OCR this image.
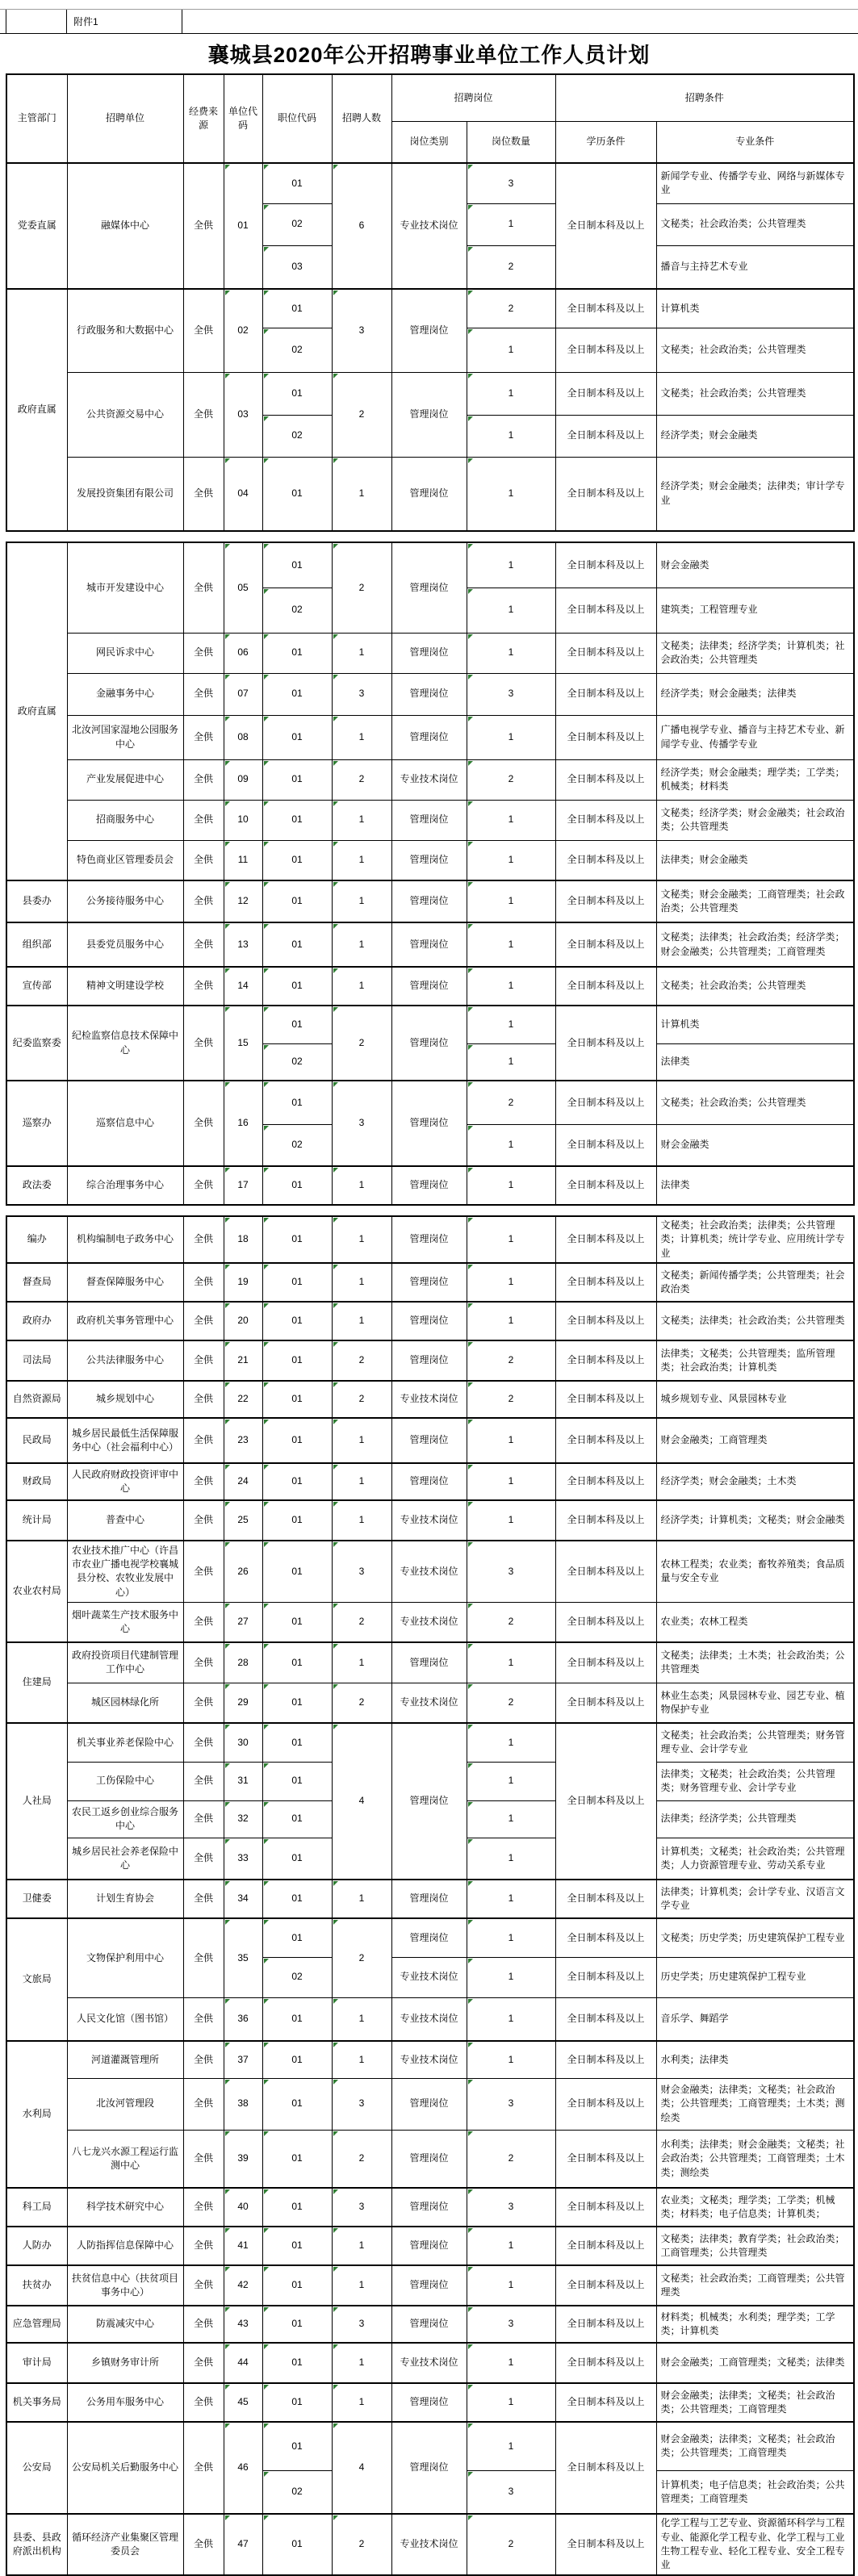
附件1
襄城县2020年公开招聘事业单位工作人员计划
主管部门	招聘单位	经费来源	单位代码	职位代码	招聘人数	招聘岗位		招聘条件	
						岗位类别	岗位数量	学历条件	专业条件
党委直属	融媒体中心	全供	01	01	6	专业技术岗位	3	全日制本科及以上	新闻学专业、传播学专业、网络与新媒体专业
				02			1		文秘类；社会政治类；公共管理类
				03			2		播音与主持艺术专业
政府直属	行政服务和大数据中心	全供	02	01	3	管理岗位	2	全日制本科及以上	计算机类
				02			1	全日制本科及以上	文秘类；社会政治类；公共管理类
	公共资源交易中心	全供	03	01	2	管理岗位	1	全日制本科及以上	文秘类；社会政治类；公共管理类
				02			1	全日制本科及以上	经济学类；财会金融类
	发展投资集团有限公司	全供	04	01	1	管理岗位	1	全日制本科及以上	经济学类；财会金融类；法律类；审计学专业
政府直属	城市开发建设中心	全供	05	01	2	管理岗位	1	全日制本科及以上	财会金融类
				02			1	全日制本科及以上	建筑类；工程管理专业
	网民诉求中心	全供	06	01	1	管理岗位	1	全日制本科及以上	文秘类；法律类；经济学类；计算机类；社会政治类；公共管理类
	金融事务中心	全供	07	01	3	管理岗位	3	全日制本科及以上	经济学类；财会金融类；法律类
	北汝河国家湿地公园服务中心	全供	08	01	1	管理岗位	1	全日制本科及以上	广播电视学专业、播音与主持艺术专业、新闻学专业、传播学专业
	产业发展促进中心	全供	09	01	2	专业技术岗位	2	全日制本科及以上	经济学类；财会金融类；理学类；工学类；机械类；材料类
	招商服务中心	全供	10	01	1	管理岗位	1	全日制本科及以上	文秘类；经济学类；财会金融类；社会政治类；公共管理类
	特色商业区管理委员会	全供	11	01	1	管理岗位	1	全日制本科及以上	法律类；财会金融类
县委办	公务接待服务中心	全供	12	01	1	管理岗位	1	全日制本科及以上	文秘类；财会金融类；工商管理类；社会政治类；公共管理类
组织部	县委党员服务中心	全供	13	01	1	管理岗位	1	全日制本科及以上	文秘类；法律类；社会政治类；经济学类；财会金融类；公共管理类；工商管理类
宣传部	精神文明建设学校	全供	14	01	1	管理岗位	1	全日制本科及以上	文秘类；社会政治类；公共管理类
纪委监察委	纪检监察信息技术保障中心	全供	15	01	2	管理岗位	1	全日制本科及以上	计算机类
				02			1		法律类
巡察办	巡察信息中心	全供	16	01	3	管理岗位	2	全日制本科及以上	文秘类；社会政治类；公共管理类
				02			1	全日制本科及以上	财会金融类
政法委	综合治理事务中心	全供	17	01	1	管理岗位	1	全日制本科及以上	法律类
编办	机构编制电子政务中心	全供	18	01	1	管理岗位	1	全日制本科及以上	文秘类；社会政治类；法律类；公共管理类；计算机类；统计学专业、应用统计学专业
督查局	督查保障服务中心	全供	19	01	1	管理岗位	1	全日制本科及以上	文秘类；新闻传播学类；公共管理类；社会政治类
政府办	政府机关事务管理中心	全供	20	01	1	管理岗位	1	全日制本科及以上	文秘类；法律类；社会政治类；公共管理类
司法局	公共法律服务中心	全供	21	01	2	管理岗位	2	全日制本科及以上	法律类；文秘类；公共管理类；监所管理类；社会政治类；计算机类
自然资源局	城乡规划中心	全供	22	01	2	专业技术岗位	2	全日制本科及以上	城乡规划专业、风景园林专业
民政局	城乡居民最低生活保障服务中心（社会福利中心）	全供	23	01	1	管理岗位	1	全日制本科及以上	财会金融类；工商管理类
财政局	人民政府财政投资评审中心	全供	24	01	1	管理岗位	1	全日制本科及以上	经济学类；财会金融类；土木类
统计局	普查中心	全供	25	01	1	专业技术岗位	1	全日制本科及以上	经济学类；计算机类；文秘类；财会金融类
农业农村局	农业技术推广中心（许昌市农业广播电视学校襄城县分校、农牧业发展中心）	全供	26	01	3	专业技术岗位	3	全日制本科及以上	农林工程类；农业类；畜牧养殖类；食品质量与安全专业
	烟叶蔬菜生产技术服务中心	全供	27	01	2	专业技术岗位	2	全日制本科及以上	农业类；农林工程类
住建局	政府投资项目代建制管理工作中心	全供	28	01	1	管理岗位	1	全日制本科及以上	文秘类；法律类；土木类；社会政治类；公共管理类
	城区园林绿化所	全供	29	01	2	专业技术岗位	2	全日制本科及以上	林业生态类；风景园林专业、园艺专业、植物保护专业
人社局	机关事业养老保险中心	全供	30	01	4	管理岗位	1	全日制本科及以上	文秘类；社会政治类；公共管理类；财务管理专业、会计学专业
	工伤保险中心	全供	31	01			1		法律类；文秘类；社会政治类；公共管理类；财务管理专业、会计学专业
	农民工返乡创业综合服务中心	全供	32	01			1		法律类；经济学类；公共管理类
	城乡居民社会养老保险中心	全供	33	01			1		计算机类；文秘类；社会政治类；公共管理类；人力资源管理专业、劳动关系专业
卫健委	计划生育协会	全供	34	01	1	管理岗位	1	全日制本科及以上	法律类；计算机类；会计学专业、汉语言文学专业
文旅局	文物保护利用中心	全供	35	01	2	管理岗位	1	全日制本科及以上	文秘类；历史学类；历史建筑保护工程专业
				02		专业技术岗位	1	全日制本科及以上	历史学类；历史建筑保护工程专业
	人民文化馆（图书馆）	全供	36	01	1	专业技术岗位	1	全日制本科及以上	音乐学、舞蹈学
水利局	河道灌溉管理所	全供	37	01	1	专业技术岗位	1	全日制本科及以上	水利类；法律类
	北汝河管理段	全供	38	01	3	管理岗位	3	全日制本科及以上	财会金融类；法律类；文秘类；社会政治类；公共管理类；工商管理类；土木类；测绘类
	八七龙兴水源工程运行监测中心	全供	39	01	2	管理岗位	2	全日制本科及以上	水利类；法律类；财会金融类；文秘类；社会政治类；公共管理类；工商管理类；土木类；测绘类
科工局	科学技术研究中心	全供	40	01	3	管理岗位	3	全日制本科及以上	农业类；文秘类；理学类；工学类；机械类；材料类；电子信息类；计算机类；
人防办	人防指挥信息保障中心	全供	41	01	1	管理岗位	1	全日制本科及以上	文秘类；法律类；教育学类；社会政治类；工商管理类；公共管理类
扶贫办	扶贫信息中心（扶贫项目事务中心）	全供	42	01	1	管理岗位	1	全日制本科及以上	文秘类；社会政治类；工商管理类；公共管理类
应急管理局	防震减灾中心	全供	43	01	3	管理岗位	3	全日制本科及以上	材料类；机械类；水利类；理学类；工学类；计算机类
审计局	乡镇财务审计所	全供	44	01	1	专业技术岗位	1	全日制本科及以上	财会金融类；工商管理类；文秘类；法律类
机关事务局	公务用车服务中心	全供	45	01	1	管理岗位	1	全日制本科及以上	财会金融类；法律类；文秘类；社会政治类；公共管理类；工商管理类
公安局	公安局机关后勤服务中心	全供	46	01	4	管理岗位	1	全日制本科及以上	财会金融类；法律类；文秘类；社会政治类；公共管理类；工商管理类
				02			3		计算机类；电子信息类；社会政治类；公共管理类；工商管理类
县委、县政府派出机构	循环经济产业集聚区管理委员会	全供	47	01	2	专业技术岗位	2	全日制本科及以上	化学工程与工艺专业、资源循环科学与工程专业、能源化学工程专业、化学工程与工业生物工程专业、轻化工程专业、安全工程专业
